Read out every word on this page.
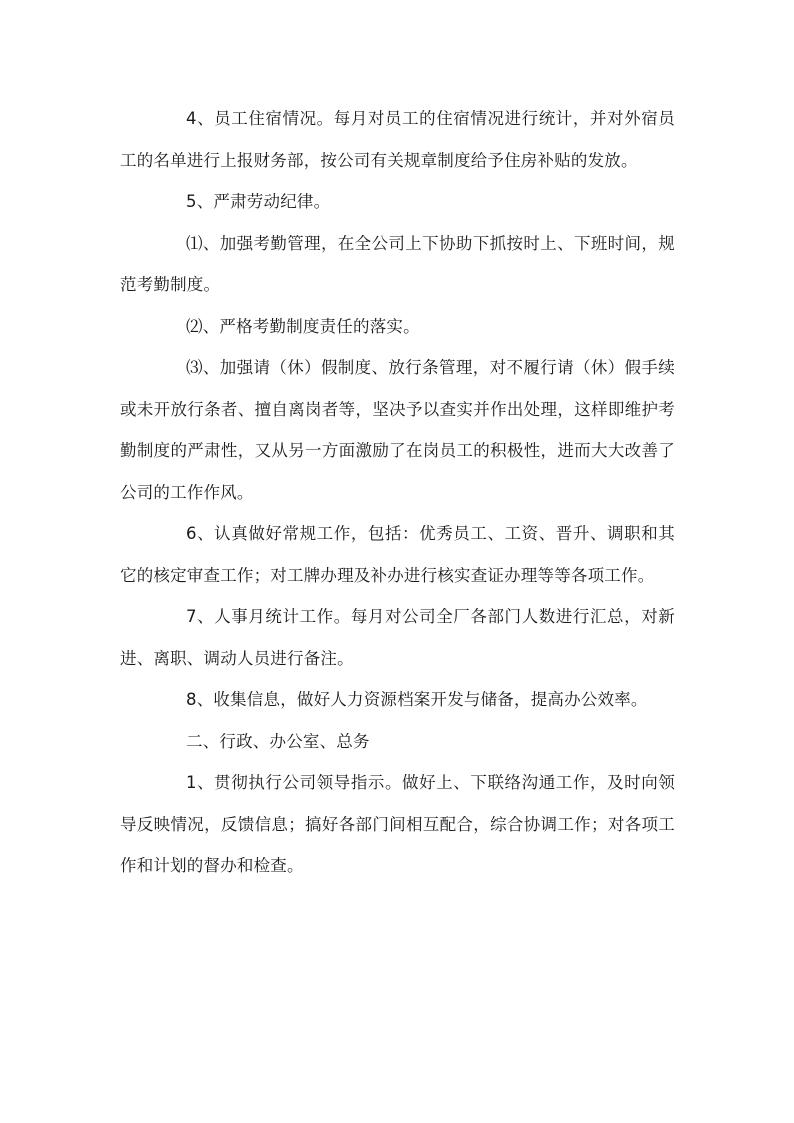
4、员工住宿情况。每月对员工的住宿情况进行统计，并对外宿员工的名单进行上报财务部，按公司有关规章制度给予住房补贴的发放。

5、严肃劳动纪律。

⑴、加强考勤管理，在全公司上下协助下抓按时上、下班时间，规范考勤制度。

⑵、严格考勤制度责任的落实。

⑶、加强请（休）假制度、放行条管理，对不履行请（休）假手续或未开放行条者、擅自离岗者等，坚决予以查实并作出处理，这样即维护考勤制度的严肃性，又从另一方面激励了在岗员工的积极性，进而大大改善了公司的工作作风。

6、认真做好常规工作，包括：优秀员工、工资、晋升、调职和其它的核定审查工作；对工牌办理及补办进行核实查证办理等等各项工作。

7、人事月统计工作。每月对公司全厂各部门人数进行汇总，对新进、离职、调动人员进行备注。

8、收集信息，做好人力资源档案开发与储备，提高办公效率。

二、行政、办公室、总务

1、贯彻执行公司领导指示。做好上、下联络沟通工作，及时向领导反映情况，反馈信息；搞好各部门间相互配合，综合协调工作；对各项工作和计划的督办和检查。
